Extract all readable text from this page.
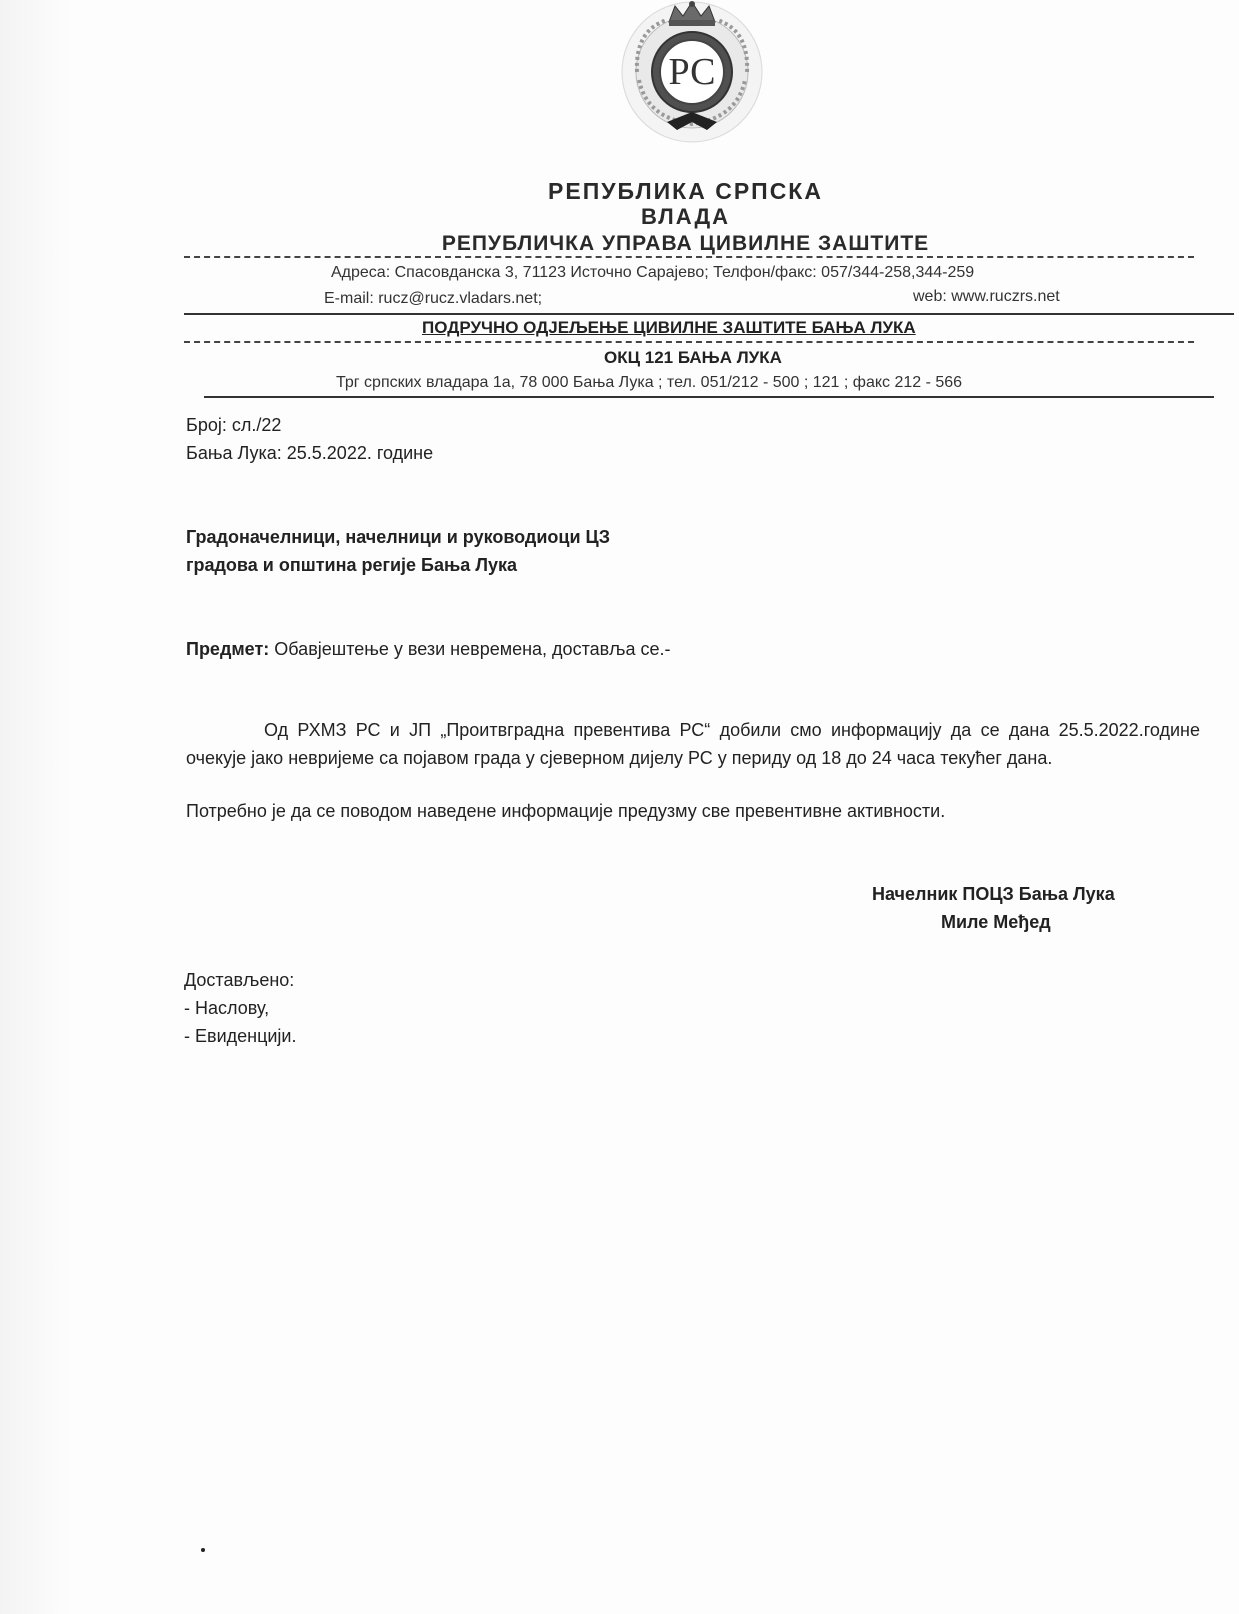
РС
РЕПУБЛИКА СРПСКА
ВЛАДА
РЕПУБЛИЧКА УПРАВА ЦИВИЛНЕ ЗАШТИТЕ
Адреса: Спасовданска 3, 71123 Источно Сарајево; Телфон/факс: 057/344-258,344-259
E-mail: rucz@rucz.vladars.net;	web: www.ruczrs.net
ПОДРУЧНО ОДЈЕЉЕЊЕ ЦИВИЛНЕ ЗАШТИТЕ БАЊА ЛУКА
ОКЦ 121 БАЊА ЛУКА
Трг српских владара 1а, 78 000 Бања Лука ; тел. 051/212 - 500 ; 121 ; факс 212 - 566
Број: сл./22
Бања Лука: 25.5.2022. године
Градоначелници, начелници и руководиоци ЦЗ
градова и општина регије Бања Лука
Предмет: Обавјештење у вези невремена, доставља се.-
Од РХМЗ РС и ЈП „Проитвградна превентива РС“ добили смо информацију да се дана 25.5.2022.године очекује јако невријеме са појавом града у сјеверном дијелу РС у периду од 18 до 24 часа текућег дана.
Потребно је да се поводом наведене информације предузму све превентивне активности.
Начелник ПОЦЗ Бања Лука
Миле Међед
Достављено:
- Наслову,
- Евиденцији.
